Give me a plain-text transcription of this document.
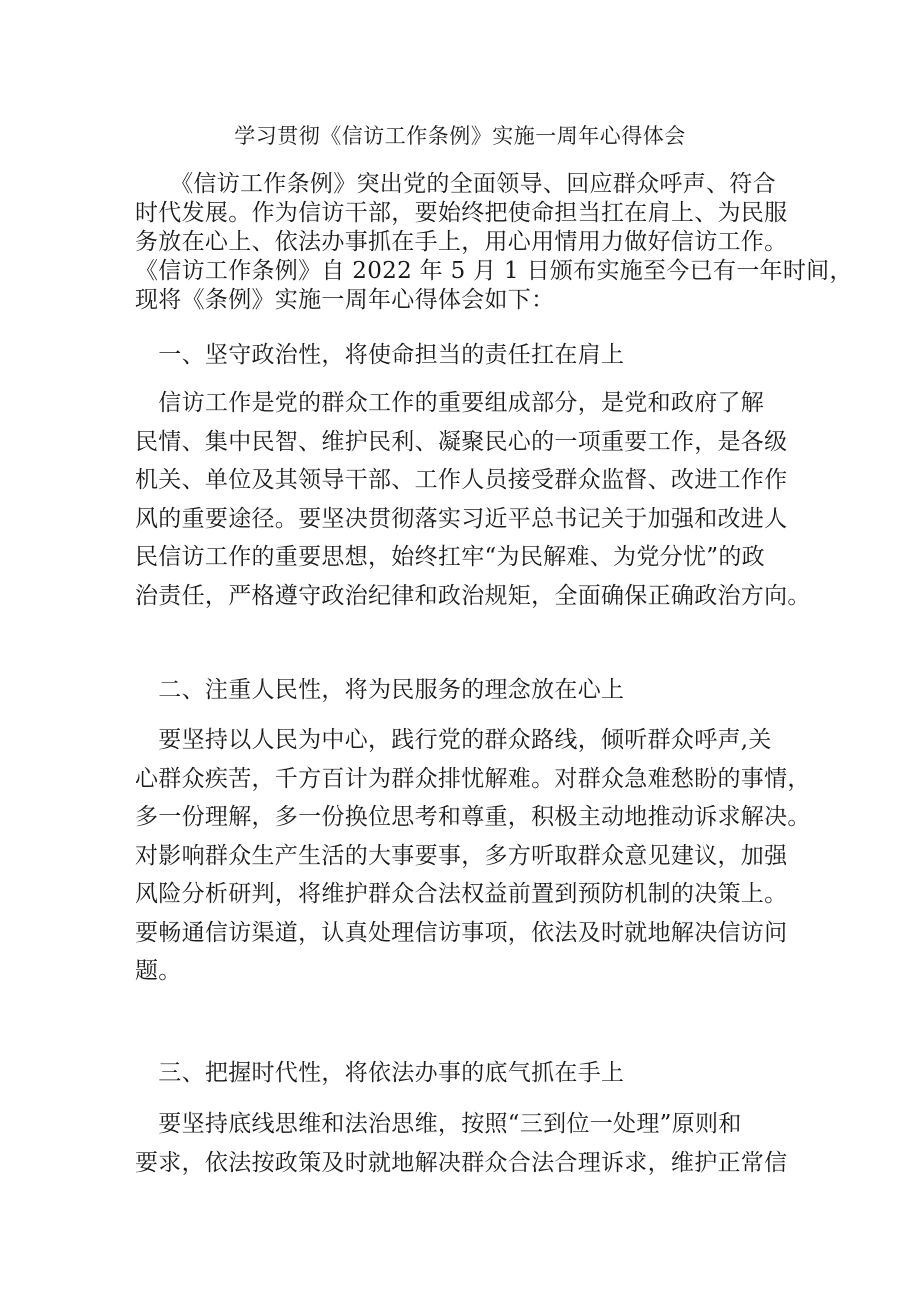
学习贯彻《信访工作条例》实施一周年心得体会
　　《信访工作条例》突出党的全面领导、回应群众呼声、符合
时代发展。作为信访干部，要始终把使命担当扛在肩上、为民服
务放在心上、依法办事抓在手上，用心用情用力做好信访工作。
《信访工作条例》自 2022 年 5 月 1 日颁布实施至今已有一年时间，
现将《条例》实施一周年心得体会如下：
　一、坚守政治性，将使命担当的责任扛在肩上
　信访工作是党的群众工作的重要组成部分，是党和政府了解
民情、集中民智、维护民利、凝聚民心的一项重要工作，是各级
机关、单位及其领导干部、工作人员接受群众监督、改进工作作
风的重要途径。要坚决贯彻落实习近平总书记关于加强和改进人
民信访工作的重要思想，始终扛牢“为民解难、为党分忧”的政
治责任，严格遵守政治纪律和政治规矩，全面确保正确政治方向。
　二、注重人民性，将为民服务的理念放在心上
　要坚持以人民为中心，践行党的群众路线，倾听群众呼声,关
心群众疾苦，千方百计为群众排忧解难。对群众急难愁盼的事情，
多一份理解，多一份换位思考和尊重，积极主动地推动诉求解决。
对影响群众生产生活的大事要事，多方听取群众意见建议，加强
风险分析研判，将维护群众合法权益前置到预防机制的决策上。
要畅通信访渠道，认真处理信访事项，依法及时就地解决信访问
题。
　三、把握时代性，将依法办事的底气抓在手上
　要坚持底线思维和法治思维，按照“三到位一处理”原则和
要求，依法按政策及时就地解决群众合法合理诉求，维护正常信
